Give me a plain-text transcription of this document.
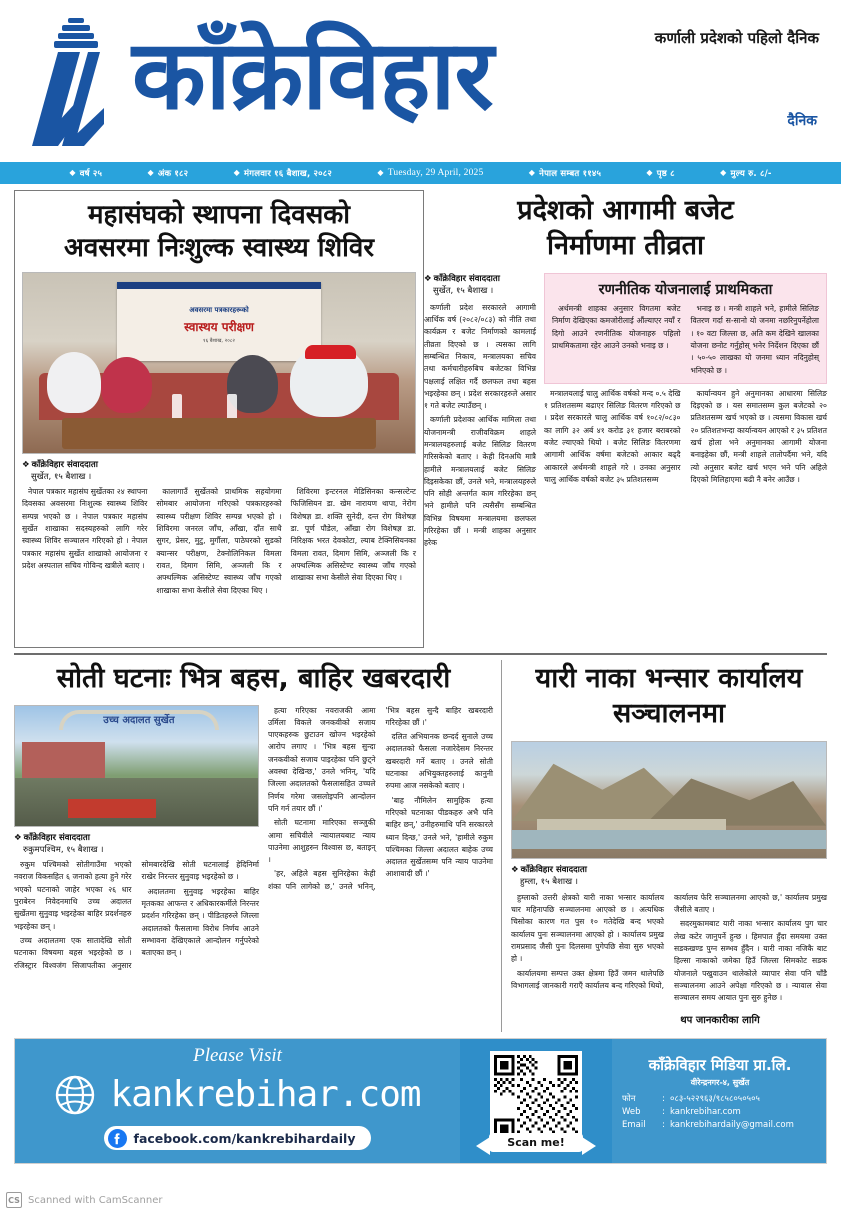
काँक्रेविहार	कर्णाली प्रदेशको पहिलो दैनिक
दैनिक
◆ वर्ष २५	◆ अंक १८२	◆ मंगलवार १६ बैशाख, २०८२	◆ Tuesday, 29 April, 2025	◆ नेपाल सम्बत ११४५	◆ पृष्ठ ८	◆ मुल्य रु. ८/-
महासंघको स्थापना दिवसको
अवसरमा निःशुल्क स्वास्थ्य शिविर
अवसरमा पत्रकारहरूको
स्वास्थय परीक्षण
१६ बैशाख, २०८२
❖ काँक्रेविहार संवाददाता
सुर्खेत, १५ बैशाख ।

नेपाल पत्रकार महासंघ सुर्खेतका २४ स्थापना दिवसका अवसरमा निःशुल्क स्वास्थ्य शिविर सम्पन्न भएको छ । नेपाल पत्रकार महासंघ सुर्खेत शाखाका सदस्यहरुको लागि गरेर स्वास्थ्य शिविर सञ्चालन गरिएको हो । नेपाल पत्रकार महासंघ सुर्खेत शाखाको आयोजना र प्रदेश अस्पताल सचिव गोविन्द खत्रीले बताए ।

कालागाउँ सुर्खेतको प्राथमिक सहयोगमा सोमबार आयोजना गरिएको पत्रकारहरुको स्वास्थ्य परीक्षण शिविर सम्पन्न भएको हो । शिविरमा जनरल जाँच, आँखा, दाँत साथै सुगर, प्रेसर, मुटु, मुर्गौला, पाठेघरको सुडको क्यान्सर परीक्षण, टेक्नोलिनिकल विमला रावत, दिमाग सिमि, अञ्जली कि र अफ्थल्मिक असिस्टेण्ट स्वास्थ्य जाँच गएको शाखाका सभा केसीले सेवा दिएका थिए ।

शिविरमा इन्टरनल मेडिसिनका कन्सल्टेन्ट फिजिसियन डा. खेम नारायण थापा, नेरोग विशेषज्ञ डा. शक्ति सुनेदी, दन्त रोग विशेषज्ञ डा. पूर्ण पौडेल, आँखा रोग विशेषज्ञ डा. निरिक्षक भरत देवकोटा, ल्याब टेक्निसियनका विमला रावत, दिमाग सिमि, अञ्जली कि र अफ्थल्मिक असिस्टेण्ट स्वास्थ्य जाँच गएको शाखाका सभा केसीले सेवा दिएका थिए ।

प्रदेशको आगामी बजेट
निर्माणमा तीव्रता
❖ काँक्रेविहार संवाददाता
सुर्खेत, १५ बैशाख ।

कर्णाली प्रदेश सरकारले आगामी आर्थिक वर्ष (२०८२/०८३) को नीति तथा कार्यक्रम र बजेट निर्माणको कामलाई तीव्रता दिएको छ । त्यसका लागि सम्बन्धित निकाय, मन्त्रालयका सचिव तथा कर्मचारीहरुबिच बजेटका विभिन्न पक्षलाई लक्षित गर्दै छलफल तथा बहस भइरहेका छन् । प्रदेश सरकारहरुले असार १ गते बजेट ल्याउँछन् ।

कर्णाली प्रदेशका आर्थिक मामिला तथा योजनामन्त्री राजीवविक्रम शाहले मन्त्रालयहरुलाई बजेट सिलिङ वितरण गरिसकेको बताए । केही दिनअघि मात्रै हामीले मन्त्रालयलाई बजेट सिलिङ दिइसकेका छौं, उनले भने, मन्त्रालयहरुले पनि सोही अन्तर्गत काम गरिरहेका छन् भने हामीले पनि त्यसैसँग सम्बन्धित विभिन्न विषयमा मन्त्रालयमा छलफल गरिरहेका छौं । मन्त्री शाहका अनुसार हरेक

रणनीतिक योजनालाई प्राथमिकता

अर्थमन्त्री शाहका अनुसार विगतमा बजेट निर्माण देखिएका कमजोरीलाई औंल्याएर नयाँ र दिगो आउने रणनीतिक योजनाहरु पहिलो प्राथमिकतामा रहेर आउने उनको भनाइ छ ।

भनाइ छ । मन्त्री शाहले भने, हामीले सिलिङ वितरण गर्दा स-सानो यो जनमा नछरिनुपर्नेहोला । १० वटा जिल्ला छ, अति कम देखिने खालका योजना छनोट गर्नुहोस् भनेर निर्देशन दिएका छौं । ५०-५० लाखका यो जनमा ध्यान नदिनुहोस् भनिएको छ ।

मन्त्रालयलाई चालु आर्थिक वर्षको मन्द ०.५ देखि १ प्रतिशतसम्म बढाएर सिलिङ वितरण गरिएको छ । प्रदेश सरकारले चालु आर्थिक वर्ष १०८२/०८३० का लागि ३२ अर्ब ४१ करोड ३१ हजार बराबरको बजेट ल्याएको थियो । बजेट सिलिङ वितरणमा आगामी आर्थिक वर्षमा बजेटको आकार बढ्दै आकारले अर्थमन्त्री शाहले गरे । उनका अनुसार चालु आर्थिक वर्षको बजेट ३५ प्रतिशतसम्म

कार्यान्वयन हुने अनुमानका आधारमा सिलिङ दिइएको छ । यस समातसम्म कुल बजेटको २० प्रतिशतसम्म खर्च भएको छ । त्यसमा विकास खर्च २० प्रतिशतभन्दा कार्यान्वयन आएको र ३५ प्रतिशत खर्च होला भने अनुमानका आगामी योजना बनाइहेका छौं, मन्त्री शाहले तातोपर्दैमा भने, यदि त्यो अनुसार बजेट खर्च भएन भने पनि अहिले दिएको मिलिहाएमा बढी नै बनेर आउँछ ।

सोती घटनाः भित्र बहस, बाहिर खबरदारी
उच्च अदालत सुर्खेत
❖ काँक्रेविहार संवाददाता
रुकुमपश्चिम, १५ बैशाख ।

रुकुम पश्चिमको सोतीगाउँमा भएको नवराज विकसहित ६ जनाको हत्या हुने गरेर भएको घटनाको जाहेर भएका २६ धार पुराबेरन निवेदनमाथि उच्च अदालत सुर्खेतमा सुनुवाइ भइरहेका बाहिर प्रदर्शनहरु भइरहेका छन् ।

उच्च अदालतमा एक सातादेखि सोती घटनाका विषयमा बहस भइरहेको छ । रजिस्ट्रार विश्वजंग सिजापतीका अनुसार सोमबारदेखि सोती घटनालाई हेदिनिर्मा राखेर निरन्तर सुनुवाइ भइरहेको छ ।

अदालतमा सुनुवाइ भइरहेका बाहिर मृतकका आफन्त र अधिकारकर्मीले निरन्तर प्रदर्शन गरिरहेका छन् । पीडितहरुले जिल्ला अदालतको फैसलामा विरोध निर्णय आउने सम्भावना देखिएकाले आन्दोलन गर्नुपरेको बताएका छन् ।

हत्या गरिएका नवराजकी आमा उर्मिला विकले जनकवीको सजाय पाएकहरुक छुटाउन खोज्न भइरहेको आरोप लगाए । 'भित्र बहस सुन्दा जनकवीको सजाय पाइरहेका पनि छुट्ने अवस्था देखिन्छ,' उनले भनिन्, 'यदि जिल्ला अदालतको फैसलासहित उच्चले निर्णय गरेमा जसलोइपनि आन्दोलन पनि गर्न तयार छौं ।'

सोती घटनामा मारिएका सञ्जुकी आमा सचिवीले न्यायालयबाट न्याय पाउनेमा आशुहरुन विश्वास छ, बताइन् ।

'हर, अहिले बहस सुनिरहेका केही शंका पनि लागेको छ,' उनले भनिन्, 'भित्र बहस सुन्दै बाहिर खबरदारी गरिरहेका छौं ।'

दलित अभियानक छन्दर्द सुनाले उच्च अदालतको फैसला नजारेदेसम निरन्तर खबरदारी गर्ने बताए । उनले सोती घटनाका अभियुक्तहरुलाई कानुनी रुपमा आज नसकेको बताए ।

'बाह नौमिलेन सामुहिक हत्या गरिएको घटनाका पीडकहरु अभै पनि बाहिर छन्,' उनीहरुमाथि पनि सरकारले ध्यान दिन्छ,' उनले भने, 'हामीले रुकुम पश्चिमका जिल्ला अदालत बाहेक उच्च अदालत सुर्खेतसम्म पनि न्याय पाउनेमा आशावादी छौं ।'

यारी नाका भन्सार कार्यालय
सञ्चालनमा
❖ काँक्रेविहार संवाददाता
हुम्ला, १५ बैशाख ।

हुम्लाको उत्तरी क्षेत्रको यारी नाका भन्सार कार्यालय चार महिनापछि सञ्चालनमा आएको छ । अत्यधिक चिसोका कारण गत पुस १० गतेदेखि बन्द भएको कार्यालय पुनः सञ्चालनमा आएको हो । कार्यालय प्रमुख रामप्रसाद जैसी पुनः दिलसमा पुगेपछि सेवा सुरु भएको हो ।

कार्यालयमा सम्पत्त उक्त क्षेत्रमा हिउँ जमन थालेपछि विभागलाई जानकारी गराएँ कार्यालय बन्द गरिएको थियो, कार्यालय फेरि सञ्चालनमा आएको छ,' कार्यालय प्रमुख जैसीले बताए ।

सदरमुकामबाट यारी नाका भन्सार कार्यालय पुग चार लेख कटेर जानुपर्ने हुन्छ । हिमपात हुँदा समयमा उक्त सडकखण्ड पुग्न सम्भव हुँदैन । यारी नाका नजिकै बाट हिल्सा नाकाको जमेका हिउँ जिल्ला सिमकोट सडक योजनाले पखुवाउन थालेकोले व्यापार सेवा पनि चाँडै सञ्चालनमा आउने अपेक्षा गरिएको छ । न्यावाल सेवा सञ्चालन समय आयात पुनः सुरु हुनेछ ।

थप जानकारीका लागि
Please Visit
kankrebihar.com
facebook.com/kankrebihardaily	Scan me!
काँक्रेविहार मिडिया प्रा.लि.
वीरेन्द्रनगर-४, सुर्खेत
फोन	: ०८३-५२२९६३/९८५८०५०५०५
Web	: kankrebihar.com
Email	: kankrebihardaily@gmail.com
CS Scanned with CamScanner
